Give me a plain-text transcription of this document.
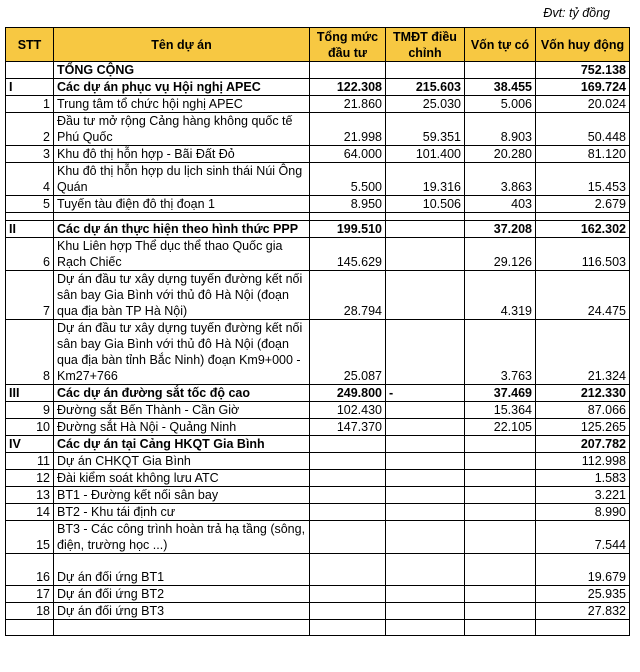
Đvt: tỷ đồng
STT	Tên dự án	Tổng mức đầu tư	TMĐT điều chỉnh	Vốn tự có	Vốn huy động
	TỔNG CỘNG				752.138
I	Các dự án phục vụ Hội nghị APEC	122.308	215.603	38.455	169.724
1	Trung tâm tổ chức hội nghị APEC	21.860	25.030	5.006	20.024
2	Đầu tư mở rộng Cảng hàng không quốc tế Phú Quốc	21.998	59.351	8.903	50.448
3	Khu đô thị hỗn hợp - Bãi Đất Đỏ	64.000	101.400	20.280	81.120
4	Khu đô thị hỗn hợp du lịch sinh thái Núi Ông Quán	5.500	19.316	3.863	15.453
5	Tuyến tàu điện đô thị đoạn 1	8.950	10.506	403	2.679

II	Các dự án thực hiện theo hình thức PPP	199.510		37.208	162.302
6	Khu Liên hợp Thể dục thể thao Quốc gia Rạch Chiếc	145.629		29.126	116.503
7	Dự án đầu tư xây dựng tuyến đường kết nối sân bay Gia Bình với thủ đô Hà Nội (đoạn qua địa bàn TP Hà Nội)	28.794		4.319	24.475
8	Dự án đầu tư xây dựng tuyến đường kết nối sân bay Gia Bình với thủ đô Hà Nội (đoạn qua địa bàn tỉnh Bắc Ninh) đoạn Km9+000 - Km27+766	25.087		3.763	21.324
III	Các dự án đường sắt tốc độ cao	249.800	-	37.469	212.330
9	Đường sắt Bến Thành - Cần Giờ	102.430		15.364	87.066
10	Đường sắt Hà Nội - Quảng Ninh	147.370		22.105	125.265
IV	Các dự án tại Cảng HKQT Gia Bình				207.782
11	Dự án CHKQT Gia Bình				112.998
12	Đài kiểm soát không lưu ATC				1.583
13	BT1 - Đường kết nối sân bay				3.221
14	BT2 - Khu tái định cư				8.990
15	BT3 - Các công trình hoàn trả hạ tầng (sông, điện, trường học ...)				7.544
16	Dự án đối ứng BT1				19.679
17	Dự án đối ứng BT2				25.935
18	Dự án đối ứng BT3				27.832
